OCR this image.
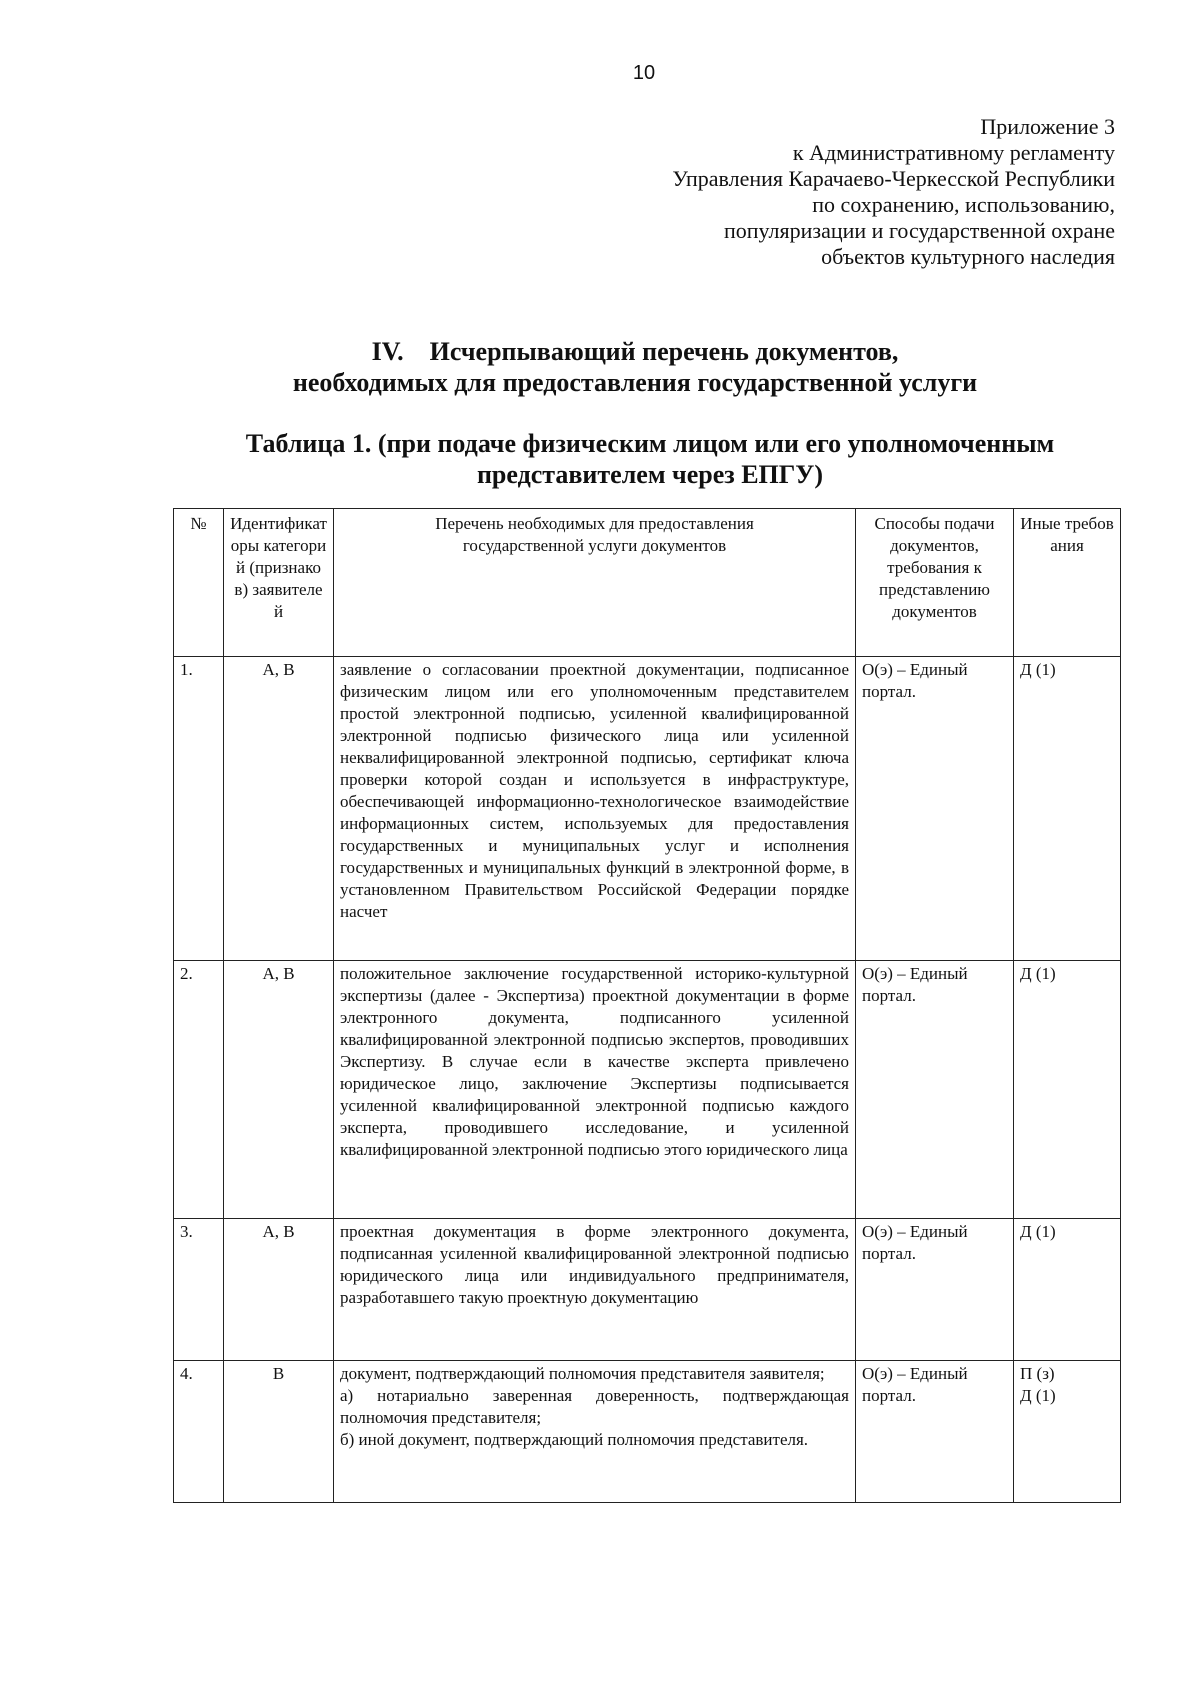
10
Приложение 3
к Административному регламенту
Управления Карачаево-Черкесской Республики
по сохранению, использованию,
популяризации и государственной охране
объектов культурного наследия
IV.    Исчерпывающий перечень документов,
необходимых для предоставления государственной услуги
Таблица 1. (при подаче физическим лицом или его уполномоченным
представителем через ЕПГУ)
№	Идентификаторы категорий (признаков) заявителей	Перечень необходимых для предоставления государственной услуги документов	Способы подачи документов, требования к представлению документов	Иные требования
1.	А, В	заявление о согласовании проектной документации, подписанное физическим лицом или его уполномоченным представителем простой электронной подписью, усиленной квалифицированной электронной подписью физического лица или усиленной неквалифицированной электронной подписью, сертификат ключа проверки которой создан и используется в инфраструктуре, обеспечивающей информационно-технологическое взаимодействие информационных систем, используемых для предоставления государственных и муниципальных услуг и исполнения государственных и муниципальных функций в электронной форме, в установленном Правительством Российской Федерации порядке насчет	О(э) – Единый портал.	Д (1)
2.	А, В	положительное заключение государственной историко-культурной экспертизы (далее - Экспертиза) проектной документации в форме электронного документа, подписанного усиленной квалифицированной электронной подписью экспертов, проводивших Экспертизу. В случае если в качестве эксперта привлечено юридическое лицо, заключение Экспертизы подписывается усиленной квалифицированной электронной подписью каждого эксперта, проводившего исследование, и усиленной квалифицированной электронной подписью этого юридического лица	О(э) – Единый портал.	Д (1)
3.	А, В	проектная документация в форме электронного документа, подписанная усиленной квалифицированной электронной подписью юридического лица или индивидуального предпринимателя, разработавшего такую проектную документацию	О(э) – Единый портал.	Д (1)
4.	В	документ, подтверждающий полномочия представителя заявителя;
а) нотариально заверенная доверенность, подтверждающая полномочия представителя;
б) иной документ, подтверждающий полномочия представителя.	О(э) – Единый портал.	П (з)
Д (1)
